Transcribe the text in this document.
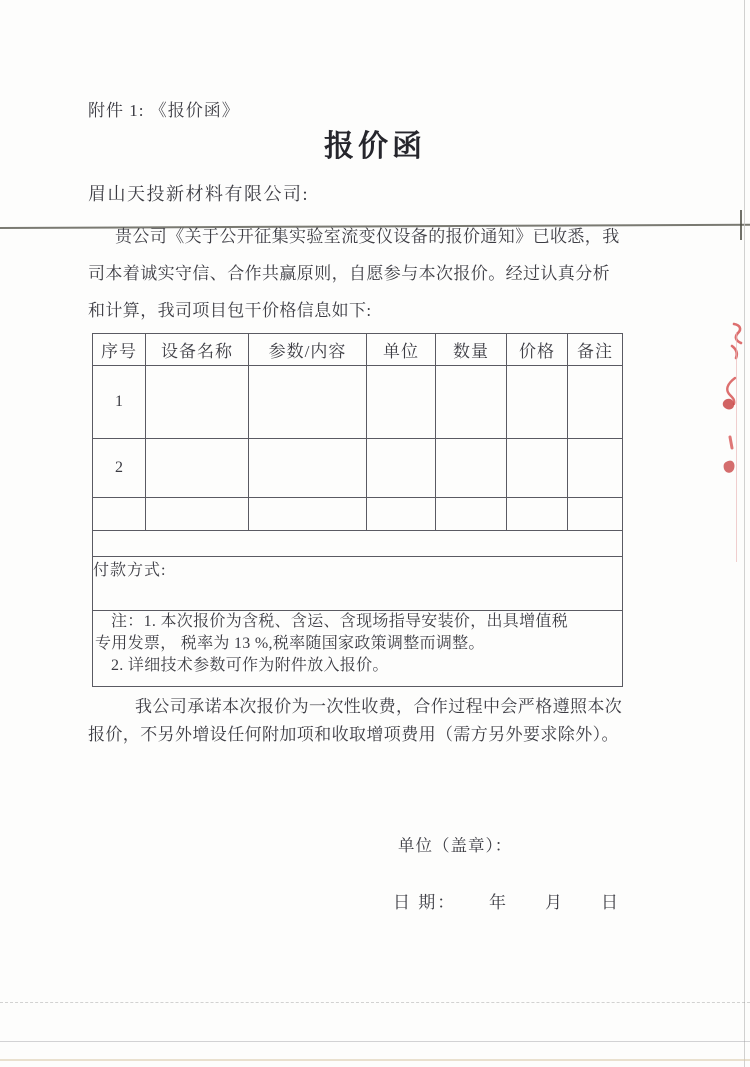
附件 1: 《报价函》
报价函
眉山天投新材料有限公司:
贵公司《关于公开征集实验室流变仪设备的报价通知》已收悉，我
司本着诚实守信、合作共赢原则，自愿参与本次报价。经过认真分析
和计算，我司项目包干价格信息如下:
序号	设备名称	参数/内容	单位	数量	价格	备注
1						
2						

付款方式:						

注：1. 本次报价为含税、含运、含现场指导安装价，出具增值税
专用发票， 税率为 13 %,税率随国家政策调整而调整。
2. 详细技术参数可作为附件放入报价。						
我公司承诺本次报价为一次性收费，合作过程中会严格遵照本次
报价，不另外增设任何附加项和收取增项费用（需方另外要求除外）。
单位（盖章）：
日 期： 年 月 日
